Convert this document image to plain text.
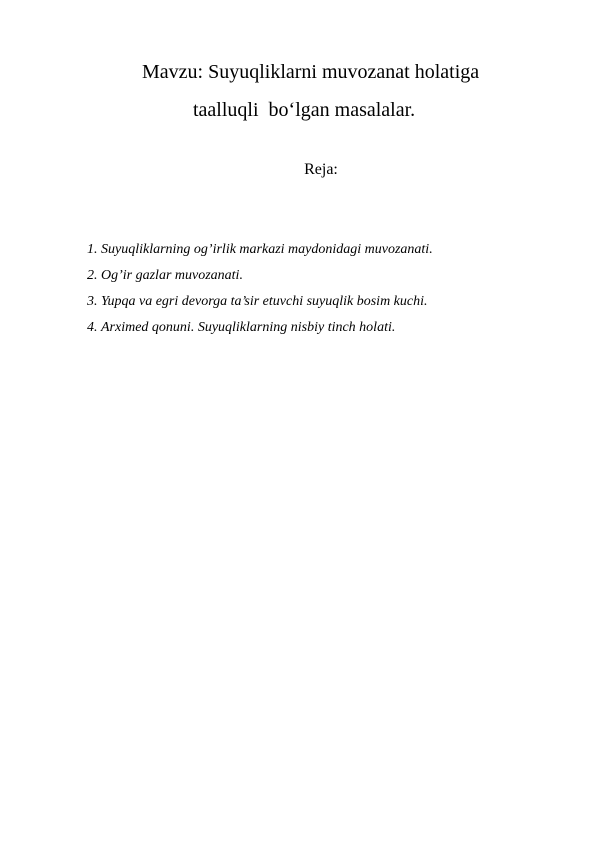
Mavzu: Suyuqliklarni muvozanat holatiga
taalluqli  bo‘lgan masalalar.

Reja:

1. Suyuqliklarning og’irlik markazi maydonidagi muvozanati.
2. Og’ir gazlar muvozanati.
3. Yupqa va egri devorga ta’sir etuvchi suyuqlik bosim kuchi.
4. Arximed qonuni. Suyuqliklarning nisbiy tinch holati.
